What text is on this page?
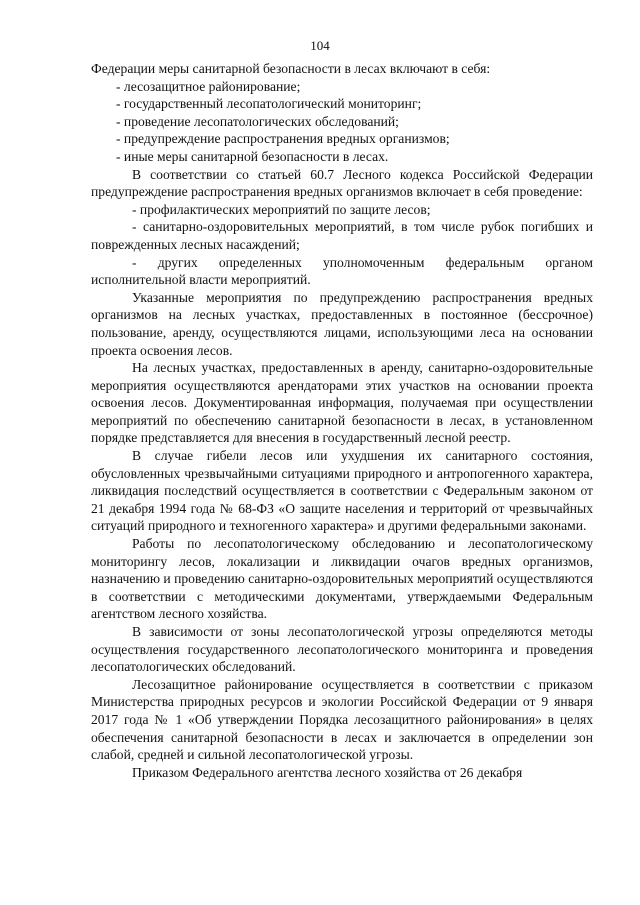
104

Федерации меры санитарной безопасности в лесах включают в себя:

- лесозащитное районирование;

- государственный лесопатологический мониторинг;

- проведение лесопатологических обследований;

- предупреждение распространения вредных организмов;

- иные меры санитарной безопасности в лесах.

В соответствии со статьей 60.7 Лесного кодекса Российской Федерации предупреждение распространения вредных организмов включает в себя проведение:

- профилактических мероприятий по защите лесов;

- санитарно-оздоровительных мероприятий, в том числе рубок погибших и поврежденных лесных насаждений;

- других определенных уполномоченным федеральным органом исполнительной власти мероприятий.

Указанные мероприятия по предупреждению распространения вредных организмов на лесных участках, предоставленных в постоянное (бессрочное) пользование, аренду, осуществляются лицами, использующими леса на основании проекта освоения лесов.

На лесных участках, предоставленных в аренду, санитарно-оздоровительные мероприятия осуществляются арендаторами этих участков на основании проекта освоения лесов. Документированная информация, получаемая при осуществлении мероприятий по обеспечению санитарной безопасности в лесах, в установленном порядке представляется для внесения в государственный лесной реестр.

В случае гибели лесов или ухудшения их санитарного состояния, обусловленных чрезвычайными ситуациями природного и антропогенного характера, ликвидация последствий осуществляется в соответствии с Федеральным законом от 21 декабря 1994 года № 68-ФЗ «О защите населения и территорий от чрезвычайных ситуаций природного и техногенного характера» и другими федеральными законами.

Работы по лесопатологическому обследованию и лесопатологическому мониторингу лесов, локализации и ликвидации очагов вредных организмов, назначению и проведению санитарно-оздоровительных мероприятий осуществляются в соответствии с методическими документами, утверждаемыми Федеральным агентством лесного хозяйства.

В зависимости от зоны лесопатологической угрозы определяются методы осуществления государственного лесопатологического мониторинга и проведения лесопатологических обследований.

Лесозащитное районирование осуществляется в соответствии с приказом Министерства природных ресурсов и экологии Российской Федерации от 9 января 2017 года № 1 «Об утверждении Порядка лесозащитного районирования» в целях обеспечения санитарной безопасности в лесах и заключается в определении зон слабой, средней и сильной лесопатологической угрозы.

Приказом Федерального агентства лесного хозяйства от 26 декабря
